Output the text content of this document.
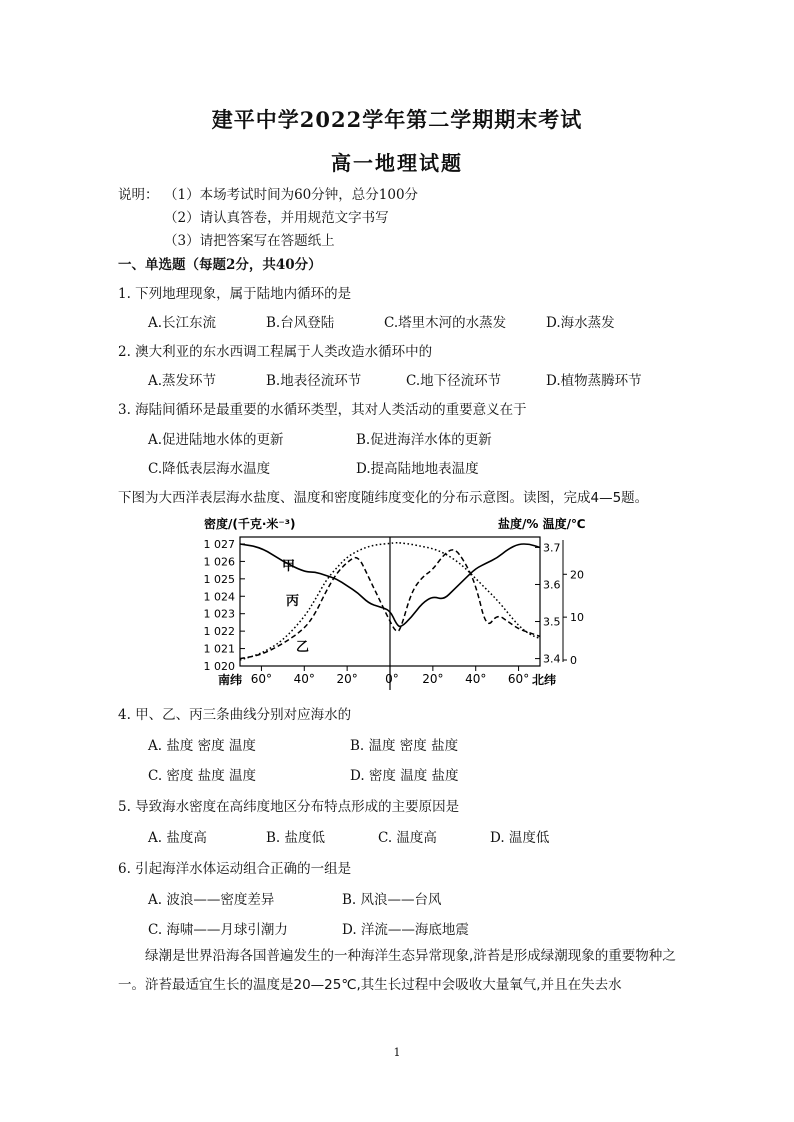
建平中学2022学年第二学期期末考试
高一地理试题
说明： （1）本场考试时间为60分钟，总分100分
（2）请认真答卷，并用规范文字书写
（3）请把答案写在答题纸上
一、单选题（每题2分，共40分）
1. 下列地理现象，属于陆地内循环的是
A.长江东流	B.台风登陆	C.塔里木河的水蒸发	D.海水蒸发
2. 澳大利亚的东水西调工程属于人类改造水循环中的
A.蒸发环节	B.地表径流环节	C.地下径流环节	D.植物蒸腾环节
3. 海陆间循环是最重要的水循环类型，其对人类活动的重要意义在于
A.促进陆地水体的更新	B.促进海洋水体的更新
C.降低表层海水温度	D.提高陆地地表温度
下图为大西洋表层海水盐度、温度和密度随纬度变化的分布示意图。读图，完成4—5题。
密度/(千克·米⁻³)	盐度/% 温度/℃
1 027
1 026
1 025
1 024
1 023
1 022
1 021
1 020
3.7
3.6
3.5
3.4
20
10
0
60° 40° 20° 0° 20° 40° 60°
南纬	北纬
甲
丙
乙
4. 甲、乙、丙三条曲线分别对应海水的
A. 盐度 密度 温度	B. 温度 密度 盐度
C. 密度 盐度 温度	D. 密度 温度 盐度
5. 导致海水密度在高纬度地区分布特点形成的主要原因是
A. 盐度高	B. 盐度低	C. 温度高	D. 温度低
6. 引起海洋水体运动组合正确的一组是
A. 波浪——密度差异	B. 风浪——台风
C. 海啸——月球引潮力	D. 洋流——海底地震
绿潮是世界沿海各国普遍发生的一种海洋生态异常现象,浒苔是形成绿潮现象的重要物种之一。浒苔最适宜生长的温度是20—25℃,其生长过程中会吸收大量氧气,并且在失去水
1
